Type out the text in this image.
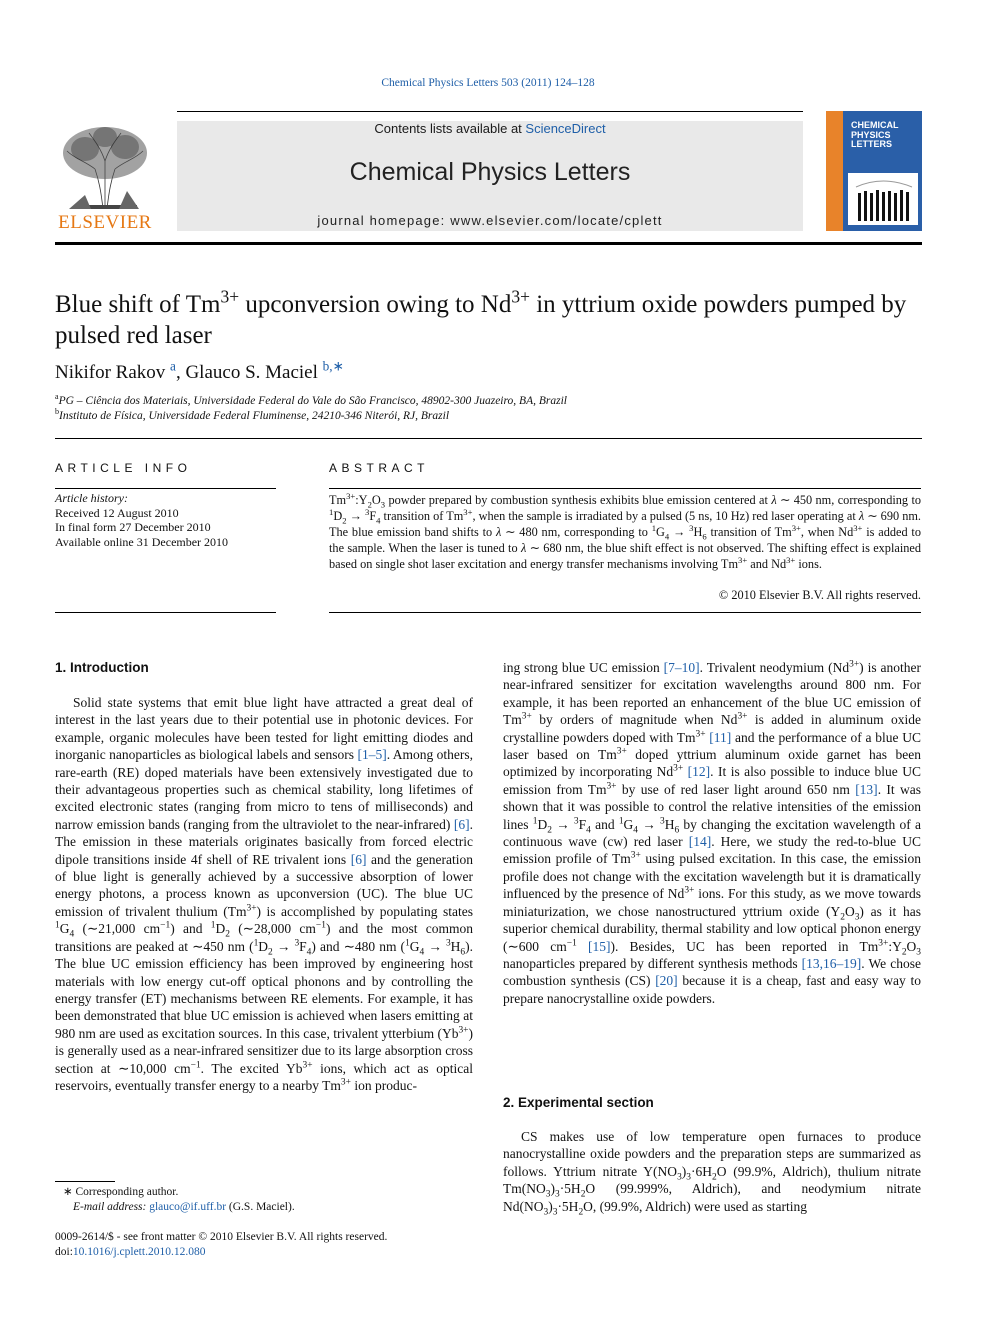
Chemical Physics Letters 503 (2011) 124–128
ELSEVIER
Contents lists available at ScienceDirect
Chemical Physics Letters
journal homepage: www.elsevier.com/locate/cplett
CHEMICAL
PHYSICS
LETTERS
Blue shift of $Tm^{3+}$ upconversion owing to $Nd^{3+}$ in yttrium oxide powders pumped by pulsed red laser
Nikifor Rakov $^a$, Glauco S. Maciel $^{b,∗}$
$^a$PG – Ciência dos Materiais, Universidade Federal do Vale do São Francisco, 48902-300 Juazeiro, BA, Brazil
$^b$Instituto de Física, Universidade Federal Fluminense, 24210-346 Niterói, RJ, Brazil
ARTICLE INFO
Article history:
Received 12 August 2010
In final form 27 December 2010
Available online 31 December 2010
ABSTRACT
$Tm^{3+}:Y_2O_3$ powder prepared by combustion synthesis exhibits blue emission centered at λ ∼ 450 nm, corresponding to $^1D_2 \to ^3F_4$ transition of $Tm^{3+}$, when the sample is irradiated by a pulsed (5 ns, 10 Hz) red laser operating at λ ∼ 690 nm. The blue emission band shifts to λ ∼ 480 nm, corresponding to $^1G_4 \to ^3H_6$ transition of $Tm^{3+}$, when $Nd^{3+}$ is added to the sample. When the laser is tuned to λ ∼ 680 nm, the blue shift effect is not observed. The shifting effect is explained based on single shot laser excitation and energy transfer mechanisms involving $Tm^{3+}$ and $Nd^{3+}$ ions.
© 2010 Elsevier B.V. All rights reserved.
1. Introduction

Solid state systems that emit blue light have attracted a great deal of interest in the last years due to their potential use in photonic devices. For example, organic molecules have been tested for light emitting diodes and inorganic nanoparticles as biological labels and sensors [1–5]. Among others, rare-earth (RE) doped materials have been extensively investigated due to their advantageous properties such as chemical stability, long lifetimes of excited electronic states (ranging from micro to tens of milliseconds) and narrow emission bands (ranging from the ultraviolet to the near-infrared) [6]. The emission in these materials originates basically from forced electric dipole transitions inside 4f shell of RE trivalent ions [6] and the generation of blue light is generally achieved by a successive absorption of lower energy photons, a process known as upconversion (UC). The blue UC emission of trivalent thulium $(Tm^{3+})$ is accomplished by populating states $^1G_4$ (∼21,000 $cm^{-1}$) and $^1D_2$ (∼28,000 $cm^{-1}$) and the most common transitions are peaked at ∼450 nm $(^1D_2 \to ^3F_4)$ and ∼480 nm $(^1G_4 \to ^3H_6)$. The blue UC emission efficiency has been improved by engineering host materials with low energy cut-off optical phonons and by controlling the energy transfer (ET) mechanisms between RE elements. For example, it has been demonstrated that blue UC emission is achieved when lasers emitting at 980 nm are used as excitation sources. In this case, trivalent ytterbium $(Yb^{3+})$ is generally used as a near-infrared sensitizer due to its large absorption cross section at ∼10,000 $cm^{-1}$. The excited $Yb^{3+}$ ions, which act as optical reservoirs, eventually transfer energy to a nearby $Tm^{3+}$ ion produc-

∗ Corresponding author.
E-mail address: glauco@if.uff.br (G.S. Maciel).
0009-2614/$ - see front matter © 2010 Elsevier B.V. All rights reserved.
doi:10.1016/j.cplett.2010.12.080

ing strong blue UC emission [7–10]. Trivalent neodymium $(Nd^{3+})$ is another near-infrared sensitizer for excitation wavelengths around 800 nm. For example, it has been reported an enhancement of the blue UC emission of $Tm^{3+}$ by orders of magnitude when $Nd^{3+}$ is added in aluminum oxide crystalline powders doped with $Tm^{3+}$ [11] and the performance of a blue UC laser based on $Tm^{3+}$ doped yttrium aluminum oxide garnet has been optimized by incorporating $Nd^{3+}$ [12]. It is also possible to induce blue UC emission from $Tm^{3+}$ by use of red laser light around 650 nm [13]. It was shown that it was possible to control the relative intensities of the emission lines $^1D_2 \to ^3F_4$ and $^1G_4 \to ^3H_6$ by changing the excitation wavelength of a continuous wave (cw) red laser [14]. Here, we study the red-to-blue UC emission profile of $Tm^{3+}$ using pulsed excitation. In this case, the emission profile does not change with the excitation wavelength but it is dramatically influenced by the presence of $Nd^{3+}$ ions. For this study, as we move towards miniaturization, we chose nanostructured yttrium oxide $(Y_2O_3)$ as it has superior chemical durability, thermal stability and low optical phonon energy (∼600 $cm^{-1}$ [15]). Besides, UC has been reported in $Tm^{3+}:Y_2O_3$ nanoparticles prepared by different synthesis methods [13,16–19]. We chose combustion synthesis (CS) [20] because it is a cheap, fast and easy way to prepare nanocrystalline oxide powders.

2. Experimental section

CS makes use of low temperature open furnaces to produce nanocrystalline oxide powders and the preparation steps are summarized as follows. Yttrium nitrate $Y(NO_3)_3\cdot 6H_2O$ (99.9%, Aldrich), thulium nitrate $Tm(NO_3)_3\cdot 5H_2O$ (99.999%, Aldrich), and neodymium nitrate $Nd(NO_3)_3\cdot 5H_2O$, (99.9%, Aldrich) were used as starting
